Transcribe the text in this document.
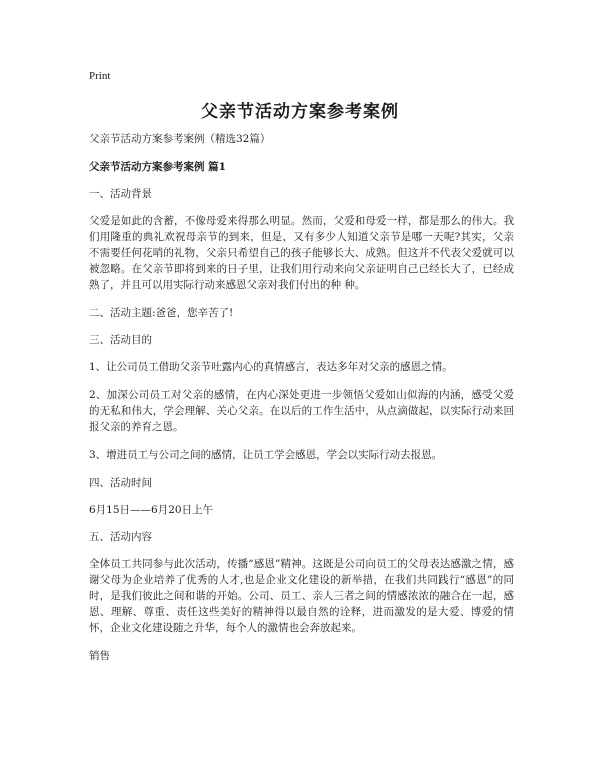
Print
父亲节活动方案参考案例

父亲节活动方案参考案例（精选32篇）

父亲节活动方案参考案例 篇1

一、活动背景

父爱是如此的含蓄，不像母爱来得那么明显。然而，父爱和母爱一样，都是那么的伟大。我们用隆重的典礼欢祝母亲节的到来，但是，又有多少人知道父亲节是哪一天呢?其实，父亲不需要任何花哨的礼物，父亲只希望自己的孩子能够长大、成熟。但这并不代表父爱就可以被忽略。在父亲节即将到来的日子里，让我们用行动来向父亲证明自己已经长大了，已经成熟了，并且可以用实际行动来感恩父亲对我们付出的种 种。

二、活动主题:爸爸，您辛苦了!

三、活动目的

1、让公司员工借助父亲节吐露内心的真情感言，表达多年对父亲的感恩之情。

2、加深公司员工对父亲的感情，在内心深处更进一步领悟父爱如山似海的内涵，感受父爱的无私和伟大，学会理解、关心父亲。在以后的工作生活中，从点滴做起，以实际行动来回报父亲的养育之恩。

3、增进员工与公司之间的感情，让员工学会感恩，学会以实际行动去报恩。

四、活动时间

6月15日——6月20日上午

五、活动内容

全体员工共同参与此次活动，传播“感恩”精神。这既是公司向员工的父母表达感激之情，感谢父母为企业培养了优秀的人才,也是企业文化建设的新举措，在我们共同践行“感恩”的同时，是我们彼此之间和谐的开始。公司、员工、亲人三者之间的情感浓浓的融合在一起，感恩、理解、尊重、责任这些美好的精神得以最自然的诠释，进而激发的是大爱、博爱的情怀，企业文化建设随之升华，每个人的激情也会奔放起来。

销售
